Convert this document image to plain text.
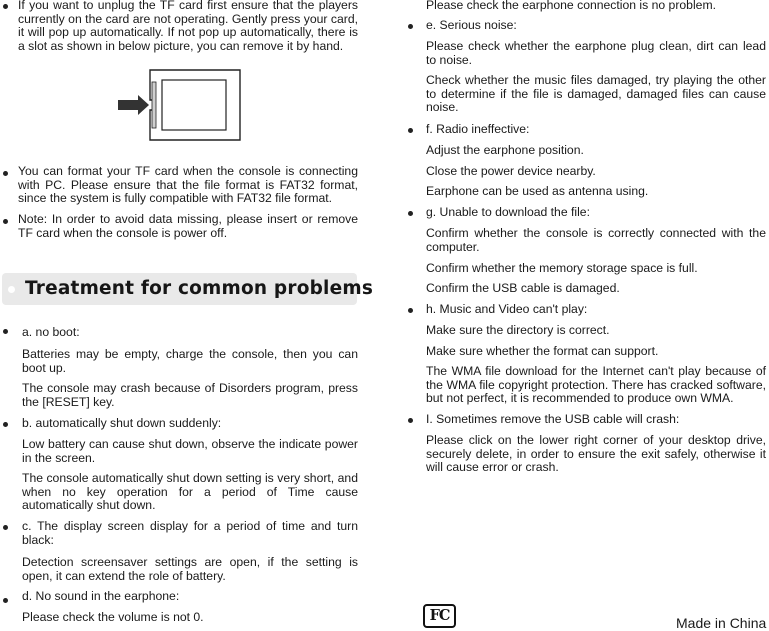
If you want to unplug the TF card first ensure that the players currently on the card are not operating. Gently press your card, it will pop up automatically. If not pop up automatically, there is a slot as shown in below picture, you can remove it by hand.
You can format your TF card when the console is connecting with PC. Please ensure that the file format is FAT32 format, since the system is fully compatible with FAT32 file format.
Note: In order to avoid data missing, please insert or remove TF card when the console is power off.
Treatment for common problems
a. no boot:
Batteries may be empty, charge the console, then you can boot up.
The console may crash because of Disorders program, press the [RESET] key.
b. automatically shut down suddenly:
Low battery can cause shut down, observe the indicate power in the screen.
The console automatically shut down setting is very short, and when no key operation for a period of Time cause automatically shut down.
c. The display screen display for a period of time and turn black:
Detection screensaver settings are open, if the setting is open, it can extend the role of battery.
d. No sound in the earphone:
Please check the volume is not 0.
Please check the earphone connection is no problem.
e. Serious noise:
Please check whether the earphone plug clean, dirt can lead to noise.
Check whether the music files damaged, try playing the other to determine if the file is damaged, damaged files can cause noise.
f. Radio ineffective:
Adjust the earphone position.
Close the power device nearby.
Earphone can be used as antenna using.
g. Unable to download the file:
Confirm whether the console is correctly connected with the computer.
Confirm whether the memory storage space is full.
Confirm the USB cable is damaged.
h. Music and Video can't play:
Make sure the directory is correct.
Make sure whether the format can support.
The WMA file download for the Internet can't play because of the WMA file copyright protection. There has cracked software, but not perfect, it is recommended to produce own WMA.
I. Sometimes remove the USB cable will crash:
Please click on the lower right corner of your desktop drive, securely delete, in order to ensure the exit safely, otherwise it will cause error or crash.
FC	Made in China
